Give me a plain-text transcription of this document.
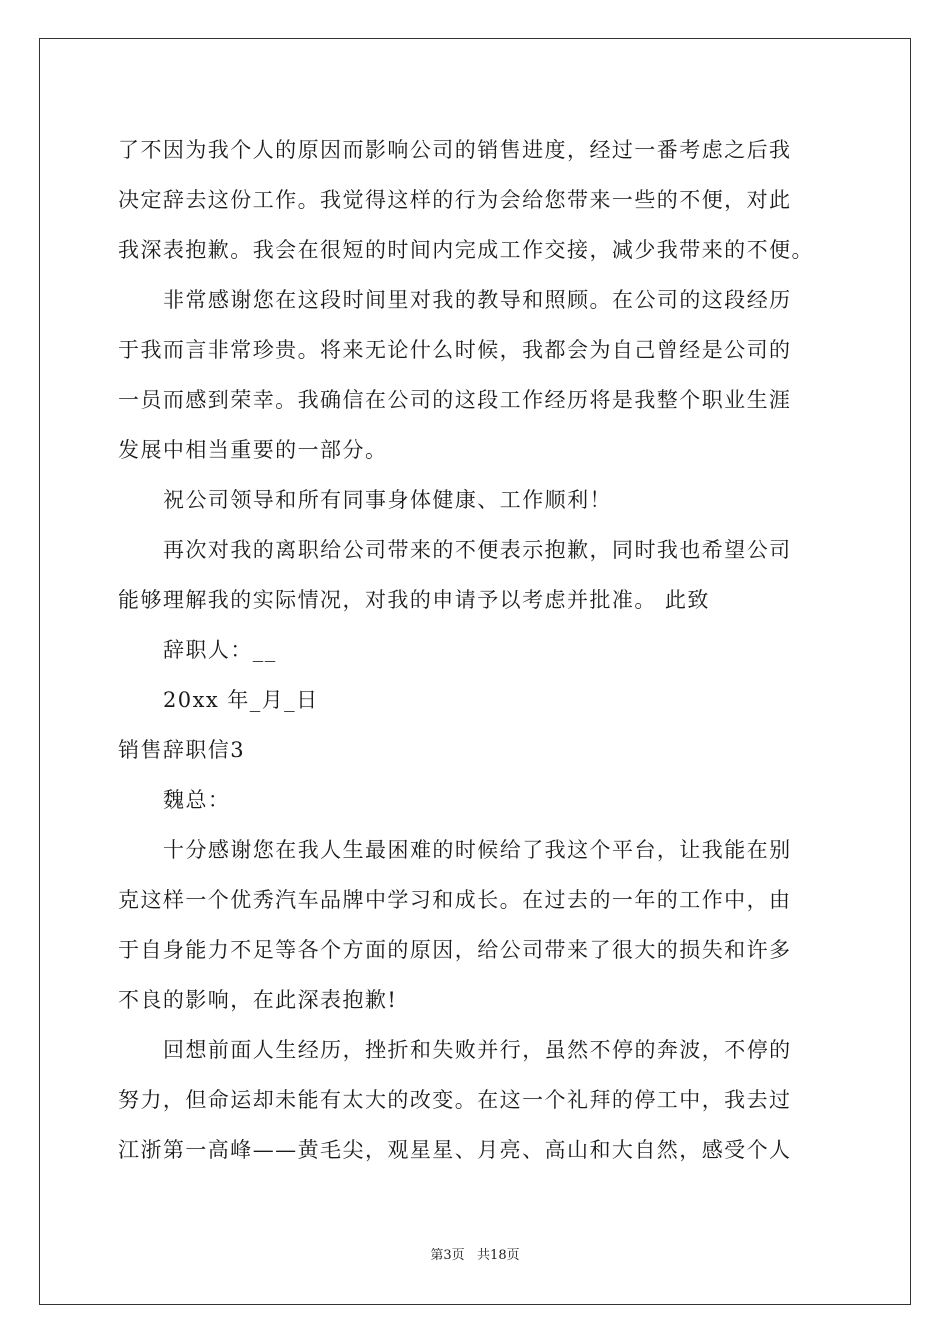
了不因为我个人的原因而影响公司的销售进度，经过一番考虑之后我
决定辞去这份工作。我觉得这样的行为会给您带来一些的不便，对此
我深表抱歉。我会在很短的时间内完成工作交接，减少我带来的不便。
非常感谢您在这段时间里对我的教导和照顾。在公司的这段经历
于我而言非常珍贵。将来无论什么时候，我都会为自己曾经是公司的
一员而感到荣幸。我确信在公司的这段工作经历将是我整个职业生涯
发展中相当重要的一部分。
祝公司领导和所有同事身体健康、工作顺利！
再次对我的离职给公司带来的不便表示抱歉，同时我也希望公司
能够理解我的实际情况，对我的申请予以考虑并批准。 此致
辞职人：__
20xx 年_月_日
销售辞职信3
魏总：
十分感谢您在我人生最困难的时候给了我这个平台，让我能在别
克这样一个优秀汽车品牌中学习和成长。在过去的一年的工作中，由
于自身能力不足等各个方面的原因，给公司带来了很大的损失和许多
不良的影响，在此深表抱歉!
回想前面人生经历，挫折和失败并行，虽然不停的奔波，不停的
努力，但命运却未能有太大的改变。在这一个礼拜的停工中，我去过
江浙第一高峰——黄毛尖，观星星、月亮、高山和大自然，感受个人
第3页   共18页
